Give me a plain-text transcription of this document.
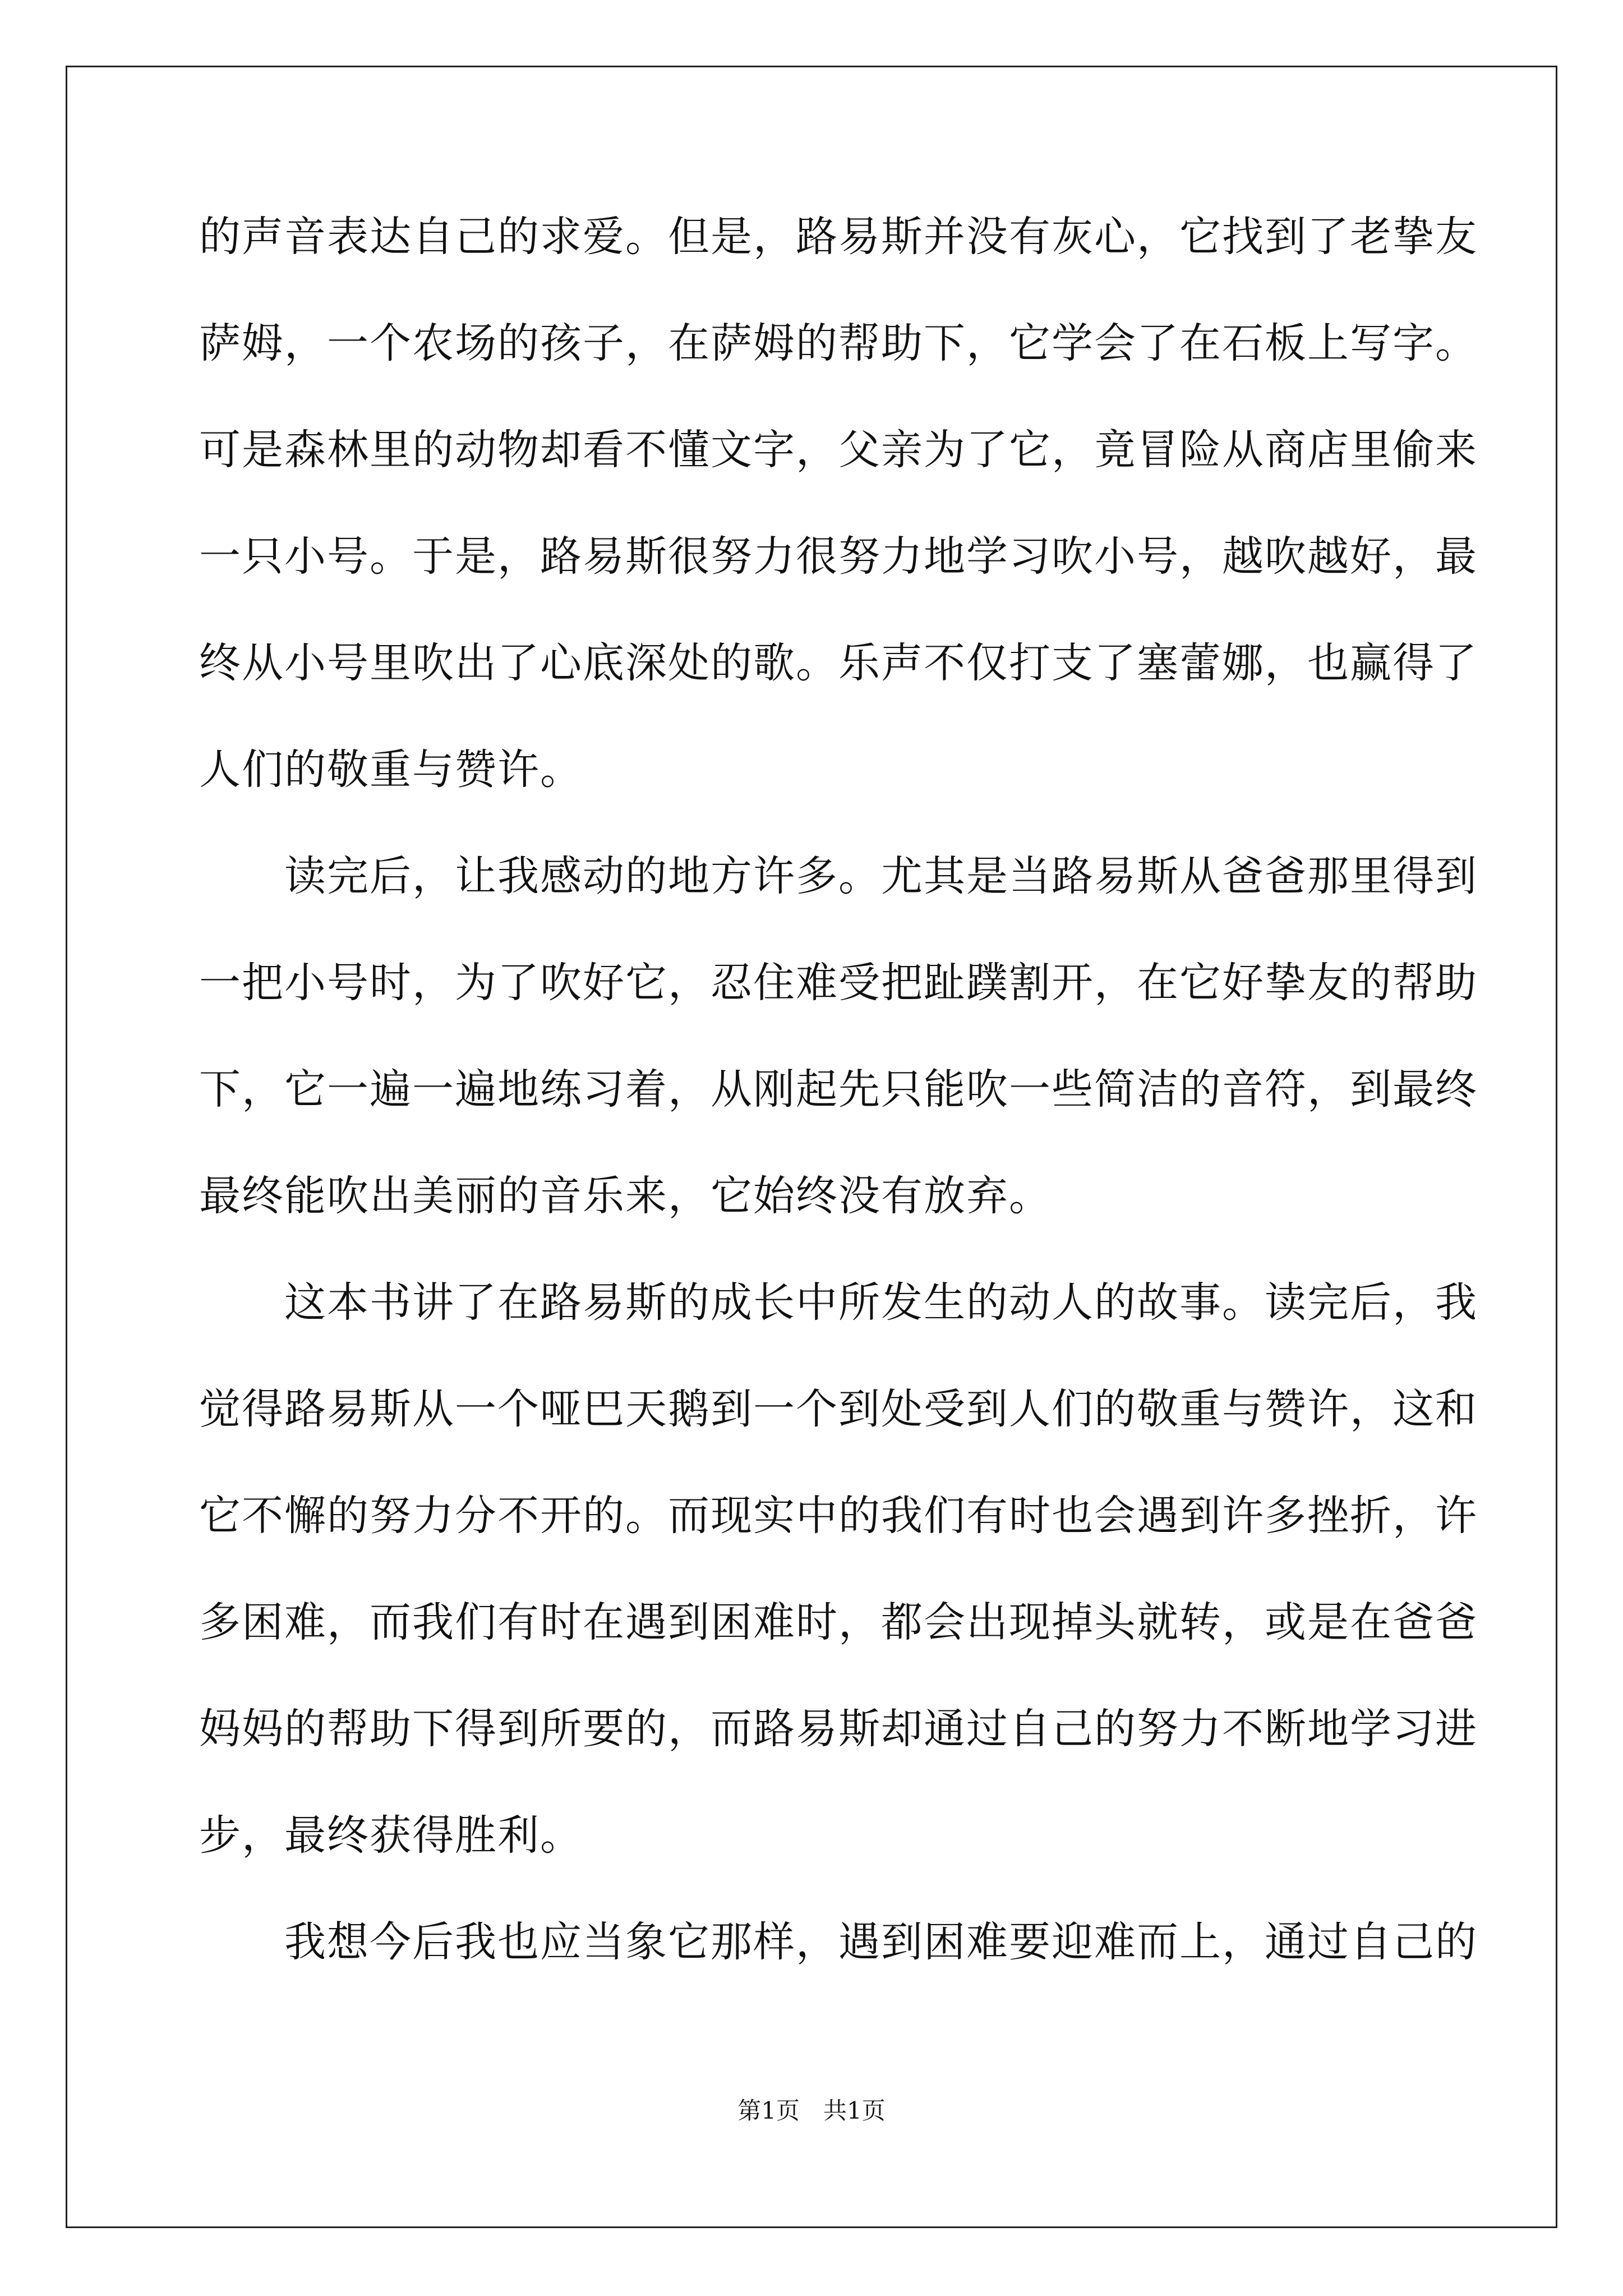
的声音表达自己的求爱。但是，路易斯并没有灰心，它找到了老挚友
萨姆，一个农场的孩子，在萨姆的帮助下，它学会了在石板上写字。
可是森林里的动物却看不懂文字，父亲为了它，竟冒险从商店里偷来
一只小号。于是，路易斯很努力很努力地学习吹小号，越吹越好，最
终从小号里吹出了心底深处的歌。乐声不仅打支了塞蕾娜，也赢得了
人们的敬重与赞许。
　　读完后，让我感动的地方许多。尤其是当路易斯从爸爸那里得到
一把小号时，为了吹好它，忍住难受把趾蹼割开，在它好挚友的帮助
下，它一遍一遍地练习着，从刚起先只能吹一些简洁的音符，到最终
最终能吹出美丽的音乐来，它始终没有放弃。
　　这本书讲了在路易斯的成长中所发生的动人的故事。读完后，我
觉得路易斯从一个哑巴天鹅到一个到处受到人们的敬重与赞许，这和
它不懈的努力分不开的。而现实中的我们有时也会遇到许多挫折，许
多困难，而我们有时在遇到困难时，都会出现掉头就转，或是在爸爸
妈妈的帮助下得到所要的，而路易斯却通过自己的努力不断地学习进
步，最终获得胜利。
　　我想今后我也应当象它那样，遇到困难要迎难而上，通过自己的
第1页　共1页
